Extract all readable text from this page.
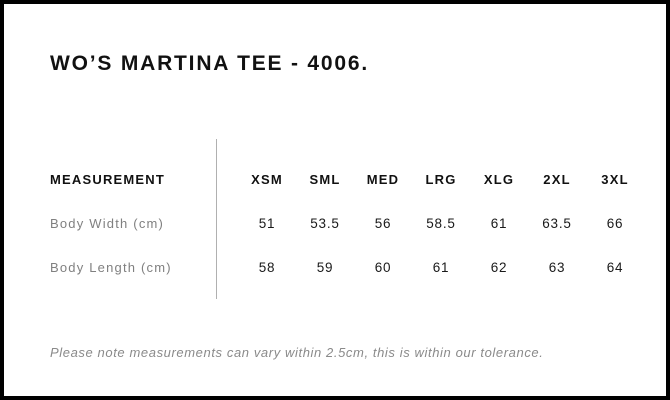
WO’S MARTINA TEE - 4006.
MEASUREMENT	XSM	SML	MED	LRG	XLG	2XL	3XL
Body Width (cm)	51	53.5	56	58.5	61	63.5	66
Body Length (cm)	58	59	60	61	62	63	64

Please note measurements can vary within 2.5cm, this is within our tolerance.
